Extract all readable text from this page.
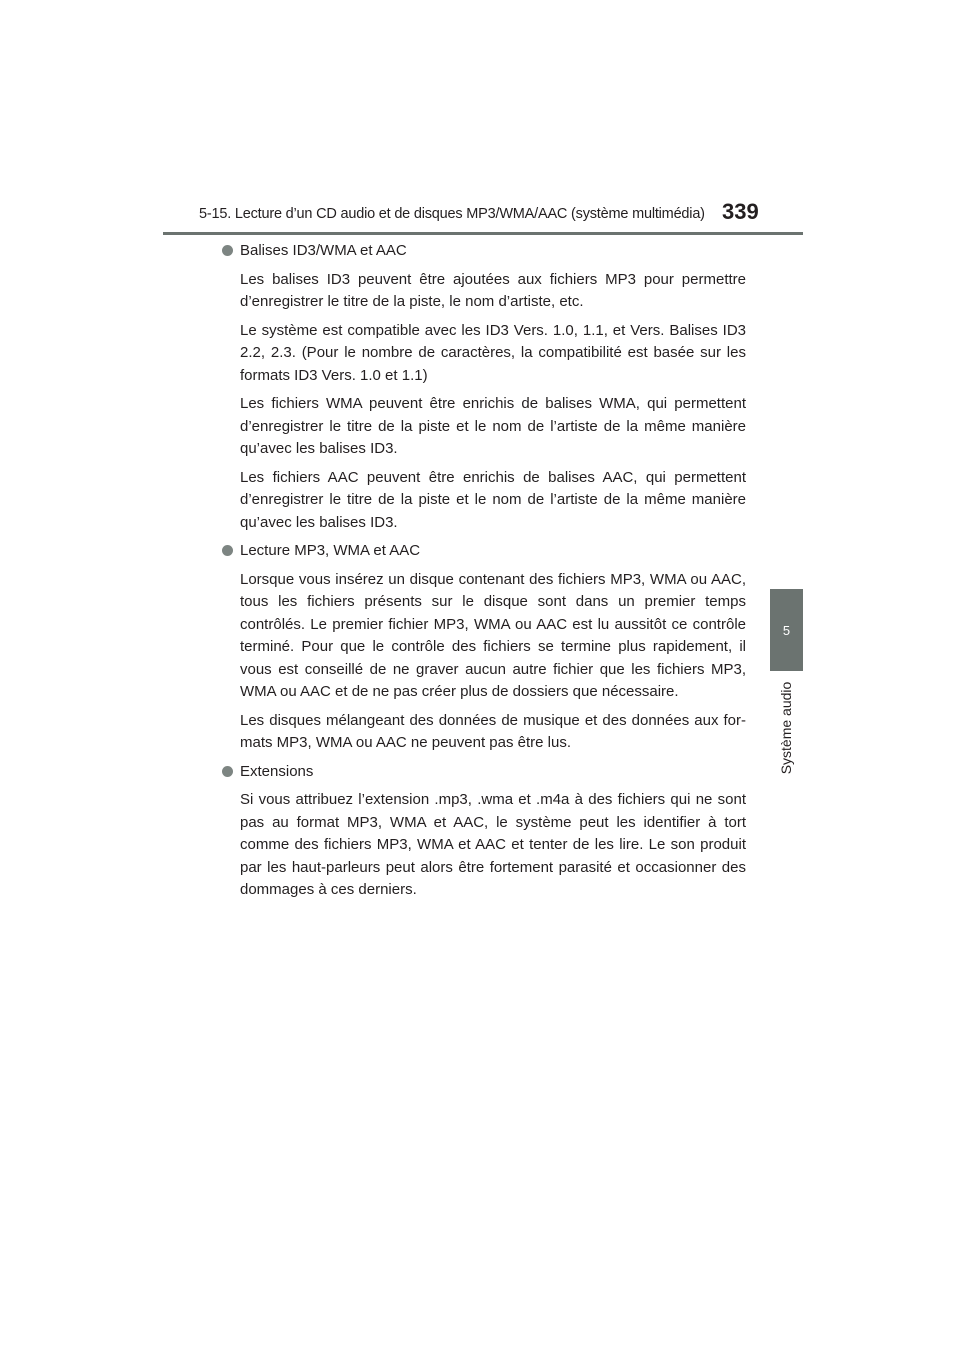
5-15. Lecture d’un CD audio et de disques MP3/WMA/AAC (système multimédia) 339
5
Système audio
Balises ID3/WMA et AAC

Les balises ID3 peuvent être ajoutées aux fichiers MP3 pour permettre d’enregistrer le titre de la piste, le nom d’artiste, etc.

Le système est compatible avec les ID3 Vers. 1.0, 1.1, et Vers. Balises ID3 2.2, 2.3. (Pour le nombre de caractères, la compatibilité est basée sur les formats ID3 Vers. 1.0 et 1.1)

Les fichiers WMA peuvent être enrichis de balises WMA, qui permettent d’enregistrer le titre de la piste et le nom de l’artiste de la même manière qu’avec les balises ID3.

Les fichiers AAC peuvent être enrichis de balises AAC, qui permettent d’enregistrer le titre de la piste et le nom de l’artiste de la même manière qu’avec les balises ID3.

Lecture MP3, WMA et AAC

Lorsque vous insérez un disque contenant des fichiers MP3, WMA ou AAC, tous les fichiers présents sur le disque sont dans un premier temps contrôlés. Le premier fichier MP3, WMA ou AAC est lu aussitôt ce contrôle terminé. Pour que le contrôle des fichiers se termine plus rapidement, il vous est conseillé de ne graver aucun autre fichier que les fichiers MP3, WMA ou AAC et de ne pas créer plus de dossiers que nécessaire.

Les disques mélangeant des données de musique et des données aux for-mats MP3, WMA ou AAC ne peuvent pas être lus.

Extensions

Si vous attribuez l’extension .mp3, .wma et .m4a à des fichiers qui ne sont pas au format MP3, WMA et AAC, le système peut les identifier à tort comme des fichiers MP3, WMA et AAC et tenter de les lire. Le son produit par les haut-parleurs peut alors être fortement parasité et occasionner des dommages à ces derniers.
